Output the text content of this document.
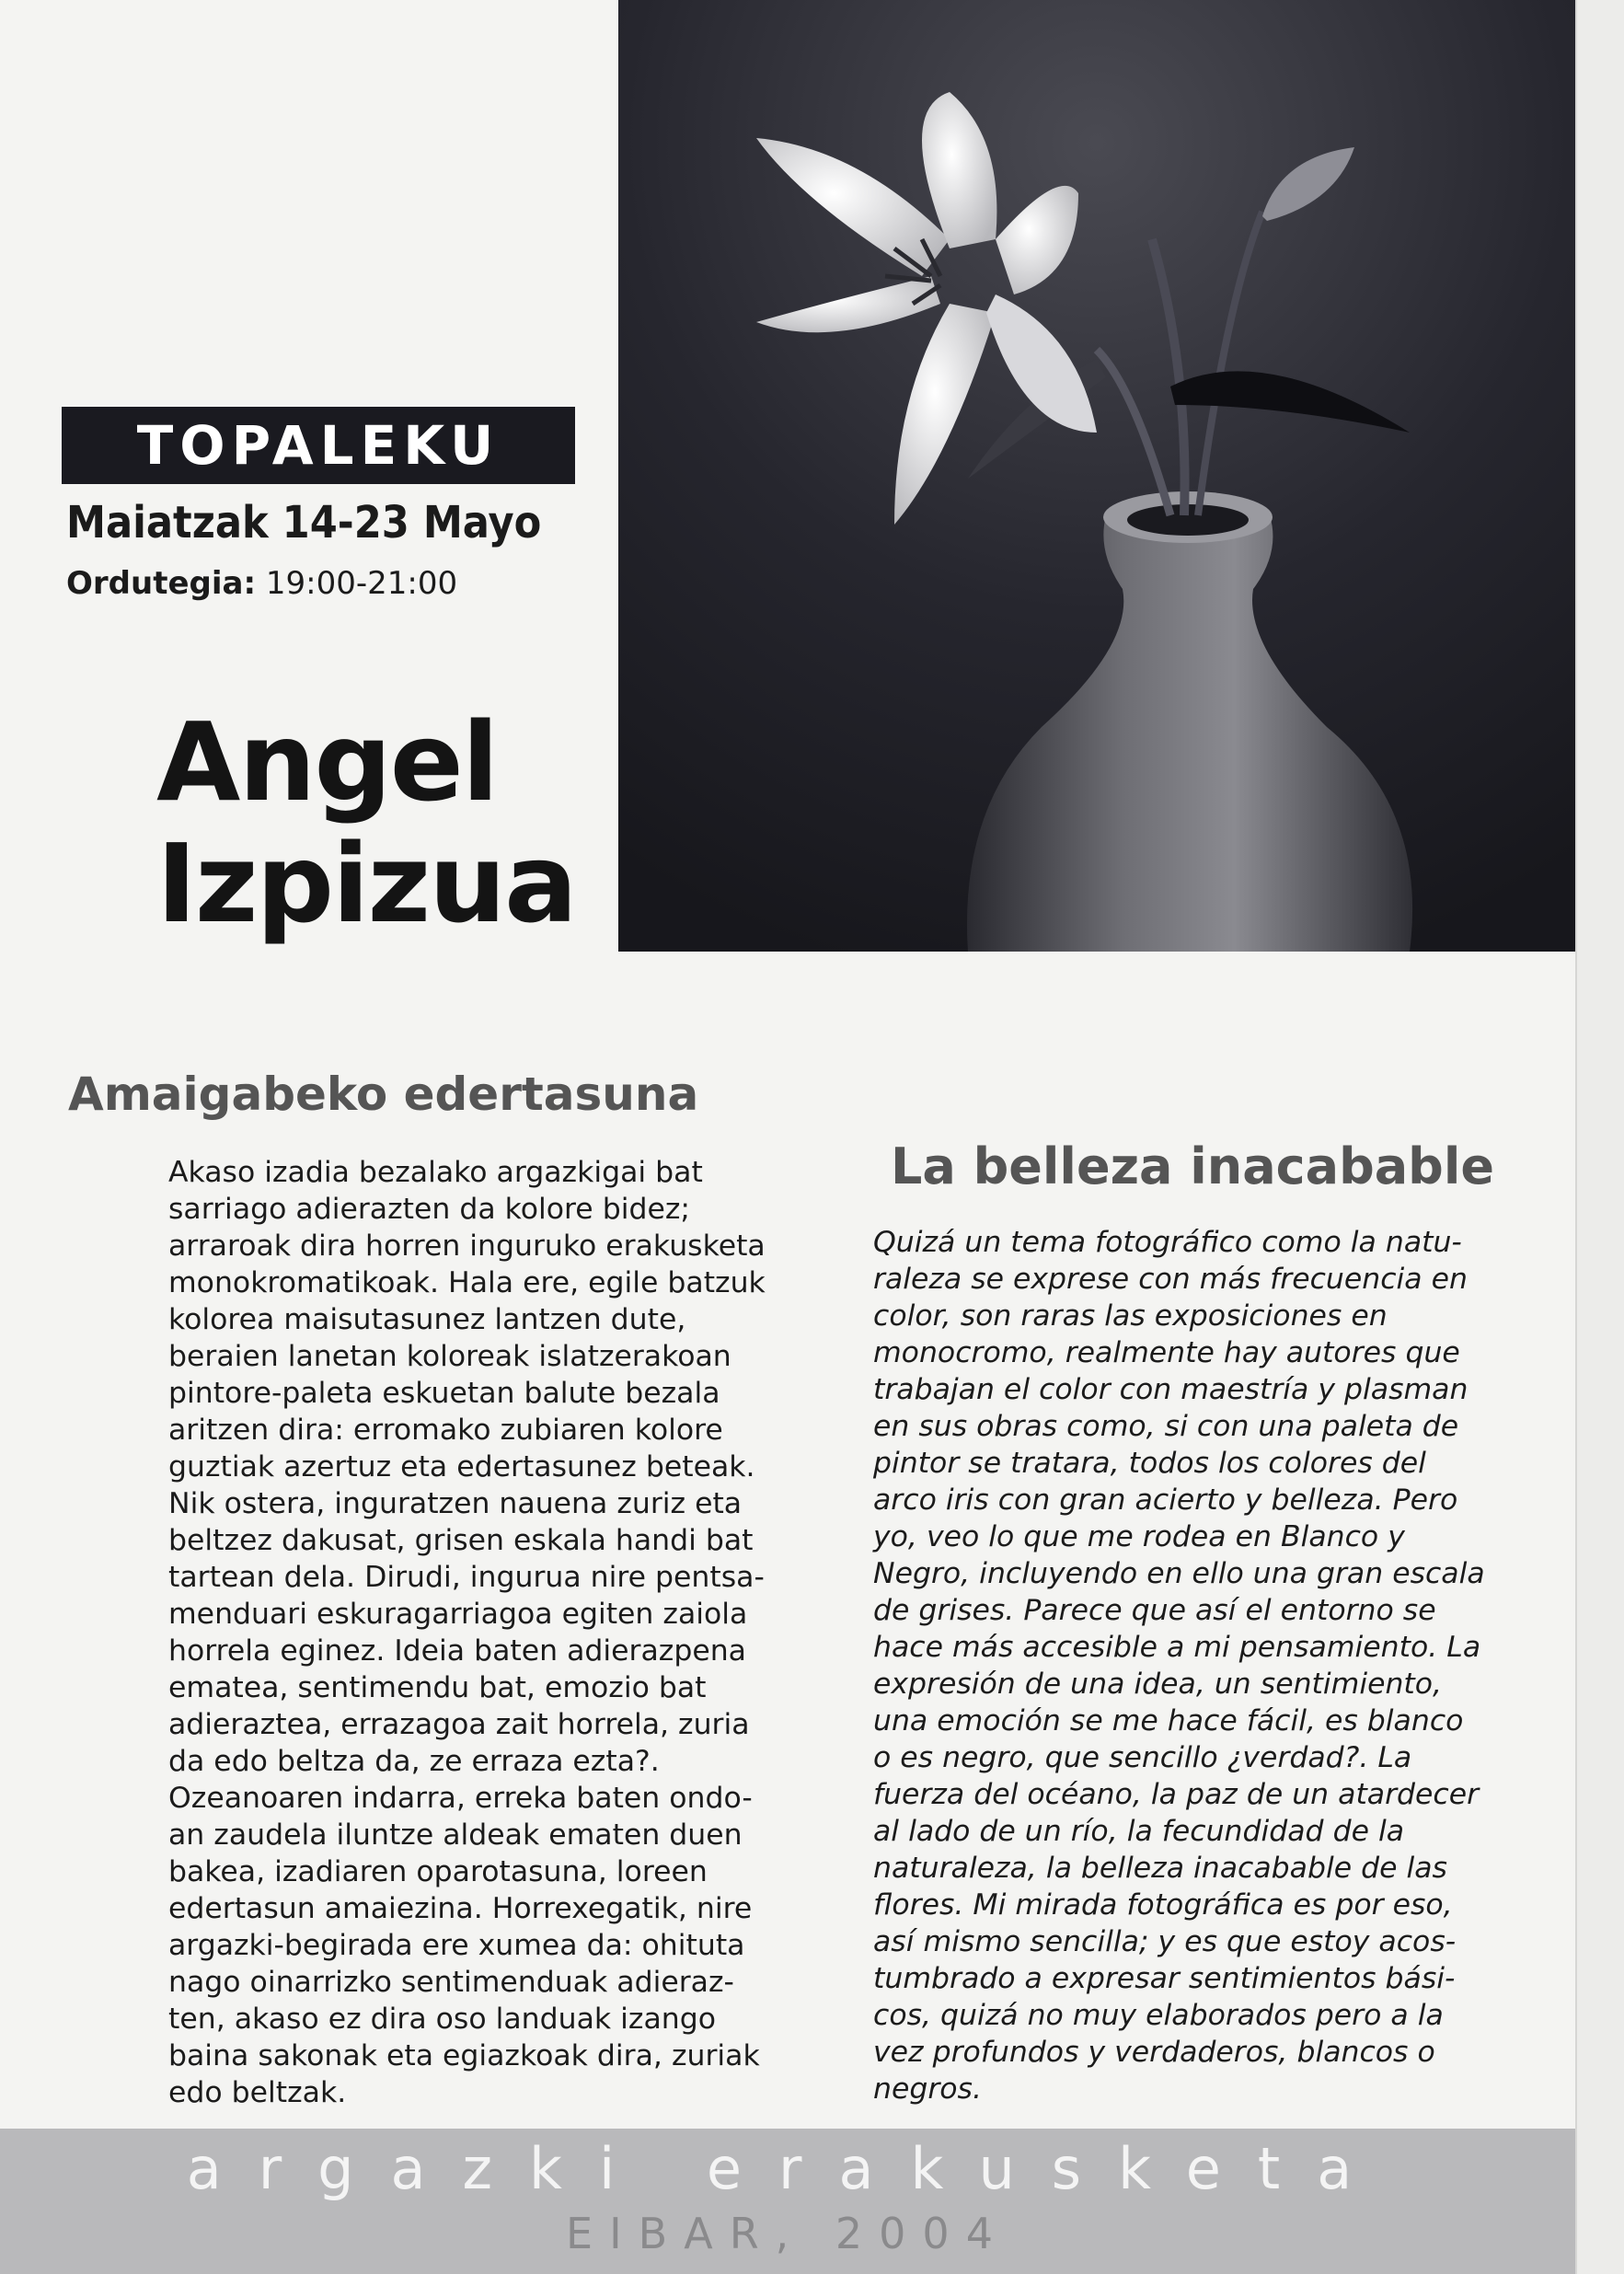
TOPALEKU
Maiatzak 14-23 Mayo
Ordutegia: 19:00-21:00
Angel
Izpizua
Amaigabeko edertasuna
Akaso izadia bezalako argazkigai bat
sarriago adierazten da kolore bidez;
arraroak dira horren inguruko erakusketa
monokromatikoak. Hala ere, egile batzuk
kolorea maisutasunez lantzen dute,
beraien lanetan koloreak islatzerakoan
pintore-paleta eskuetan balute bezala
aritzen dira: erromako zubiaren kolore
guztiak azertuz eta edertasunez beteak.
Nik ostera, inguratzen nauena zuriz eta
beltzez dakusat, grisen eskala handi bat
tartean dela. Dirudi, ingurua nire pentsa-
menduari eskuragarriagoa egiten zaiola
horrela eginez. Ideia baten adierazpena
ematea, sentimendu bat, emozio bat
adieraztea, errazagoa zait horrela, zuria
da edo beltza da, ze erraza ezta?.
Ozeanoaren indarra, erreka baten ondo-
an zaudela iluntze aldeak ematen duen
bakea, izadiaren oparotasuna, loreen
edertasun amaiezina. Horrexegatik, nire
argazki-begirada ere xumea da: ohituta
nago oinarrizko sentimenduak adieraz-
ten, akaso ez dira oso landuak izango
baina sakonak eta egiazkoak dira, zuriak
edo beltzak.
La belleza inacabable
Quizá un tema fotográfico como la natu-
raleza se exprese con más frecuencia en
color, son raras las exposiciones en
monocromo, realmente hay autores que
trabajan el color con maestría y plasman
en sus obras como, si con una paleta de
pintor se tratara, todos los colores del
arco iris con gran acierto y belleza. Pero
yo, veo lo que me rodea en Blanco y
Negro, incluyendo en ello una gran escala
de grises. Parece que así el entorno se
hace más accesible a mi pensamiento. La
expresión de una idea, un sentimiento,
una emoción se me hace fácil, es blanco
o es negro, que sencillo ¿verdad?. La
fuerza del océano, la paz de un atardecer
al lado de un río, la fecundidad de la
naturaleza, la belleza inacabable de las
flores. Mi mirada fotográfica es por eso,
así mismo sencilla; y es que estoy acos-
tumbrado a expresar sentimientos bási-
cos, quizá no muy elaborados pero a la
vez profundos y verdaderos, blancos o
negros.
argazki erakusketa
EIBAR, 2004
